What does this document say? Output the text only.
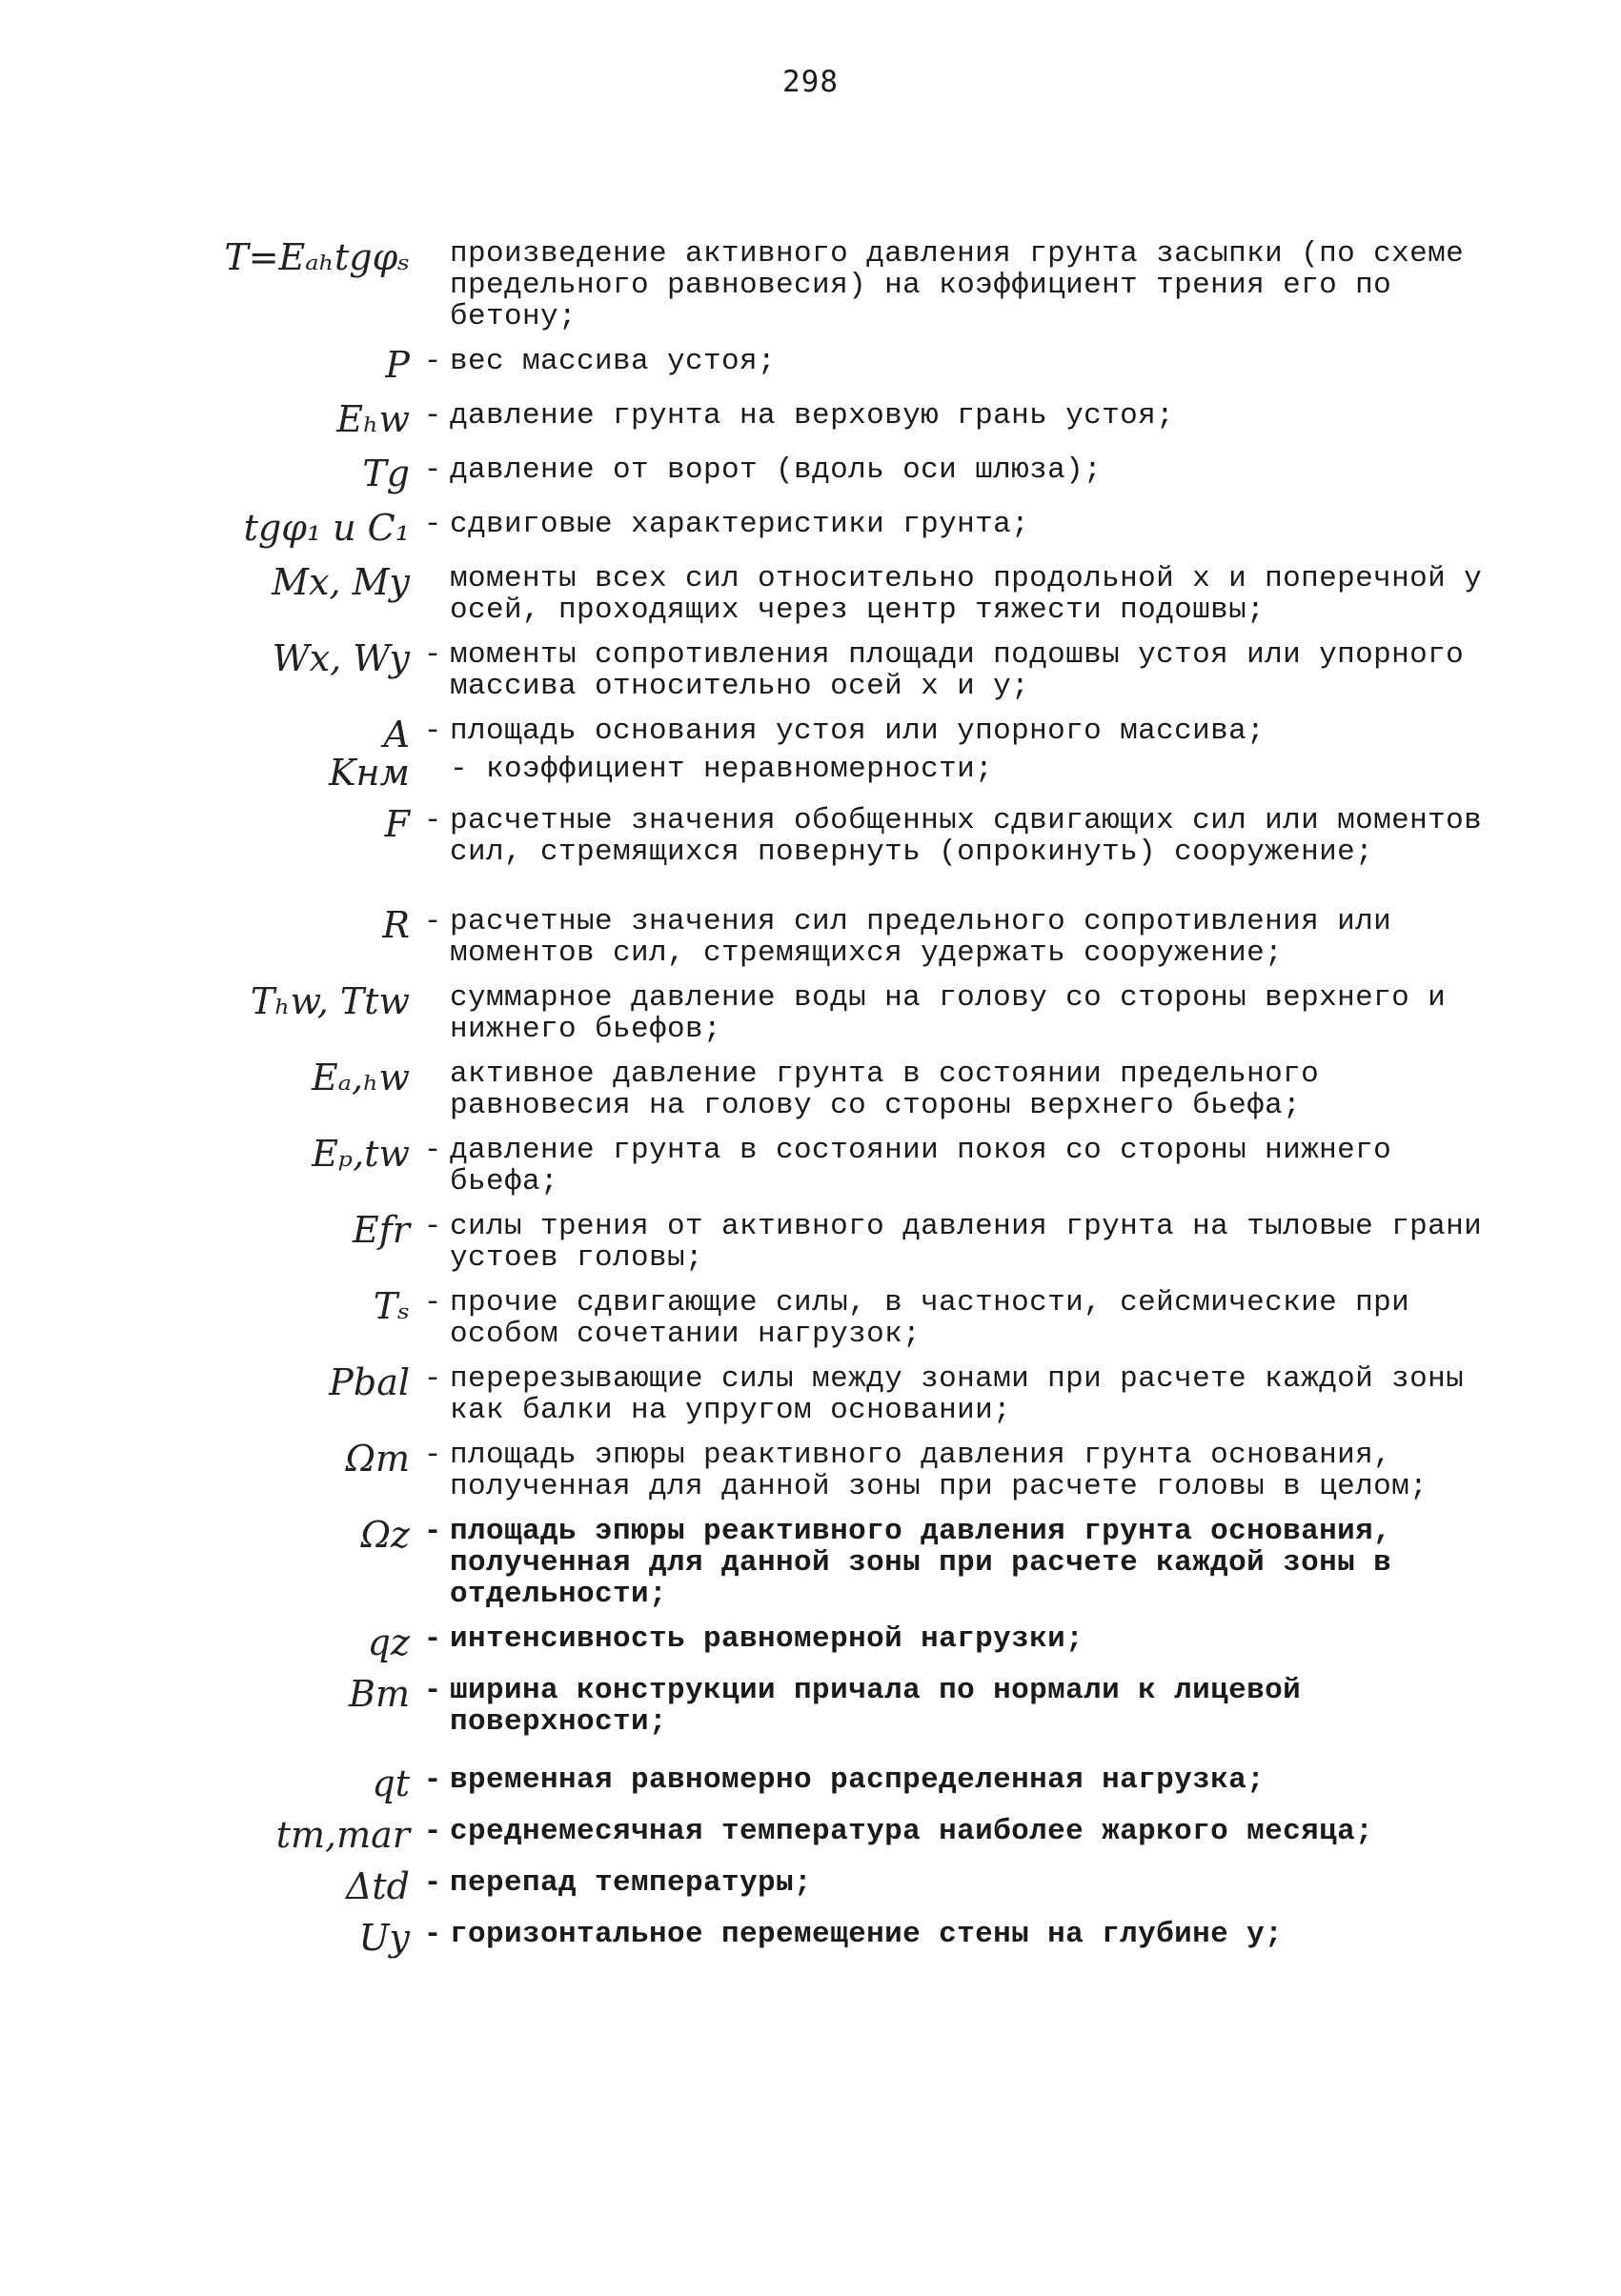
298
T=Eₐₕtgφₛ произведение активного давления грунта засыпки (по схеме предельного равновесия) на коэффициент трения его по бетону;
P - вес массива устоя;
Eₕw - давление грунта на верховую грань устоя;
Tg - давление от ворот (вдоль оси шлюза);
tgφ₁ и C₁ - сдвиговые характеристики грунта;
Mx, My моменты всех сил относительно продольной x и поперечной y осей, проходящих через центр тяжести подошвы;
Wx, Wy - моменты сопротивления площади подошвы устоя или упорного массива относительно осей х и у;
A - площадь основания устоя или упорного массива;
Kнм - коэффициент неравномерности;
F - расчетные значения обобщенных сдвигающих сил или моментов сил, стремящихся повернуть (опрокинуть) сооружение;
R - расчетные значения сил предельного сопротивления или моментов сил, стремящихся удержать сооружение;
Tₕw, Ttw суммарное давление воды на голову со стороны верхнего и нижнего бьефов;
Eₐ,ₕw активное давление грунта в состоянии предельного равновесия на голову со стороны верхнего бьефа;
Eₚ,tw - давление грунта в состоянии покоя со стороны нижнего бьефа;
Efr - силы трения от активного давления грунта на тыловые грани устоев головы;
Tₛ - прочие сдвигающие силы, в частности, сейсмические при особом сочетании нагрузок;
Pbal - перерезывающие силы между зонами при расчете каждой зоны как балки на упругом основании;
Ωm - площадь эпюры реактивного давления грунта основания, полученная для данной зоны при расчете головы в целом;
Ωz - площадь эпюры реактивного давления грунта основания, полученная для данной зоны при расчете каждой зоны в отдельности;
qz - интенсивность равномерной нагрузки;
Bm - ширина конструкции причала по нормали к лицевой поверхности;
qt - временная равномерно распределенная нагрузка;
tm,mar - среднемесячная температура наиболее жаркого месяца;
Δtd - перепад температуры;
Uy - горизонтальное перемещение стены на глубине у;
